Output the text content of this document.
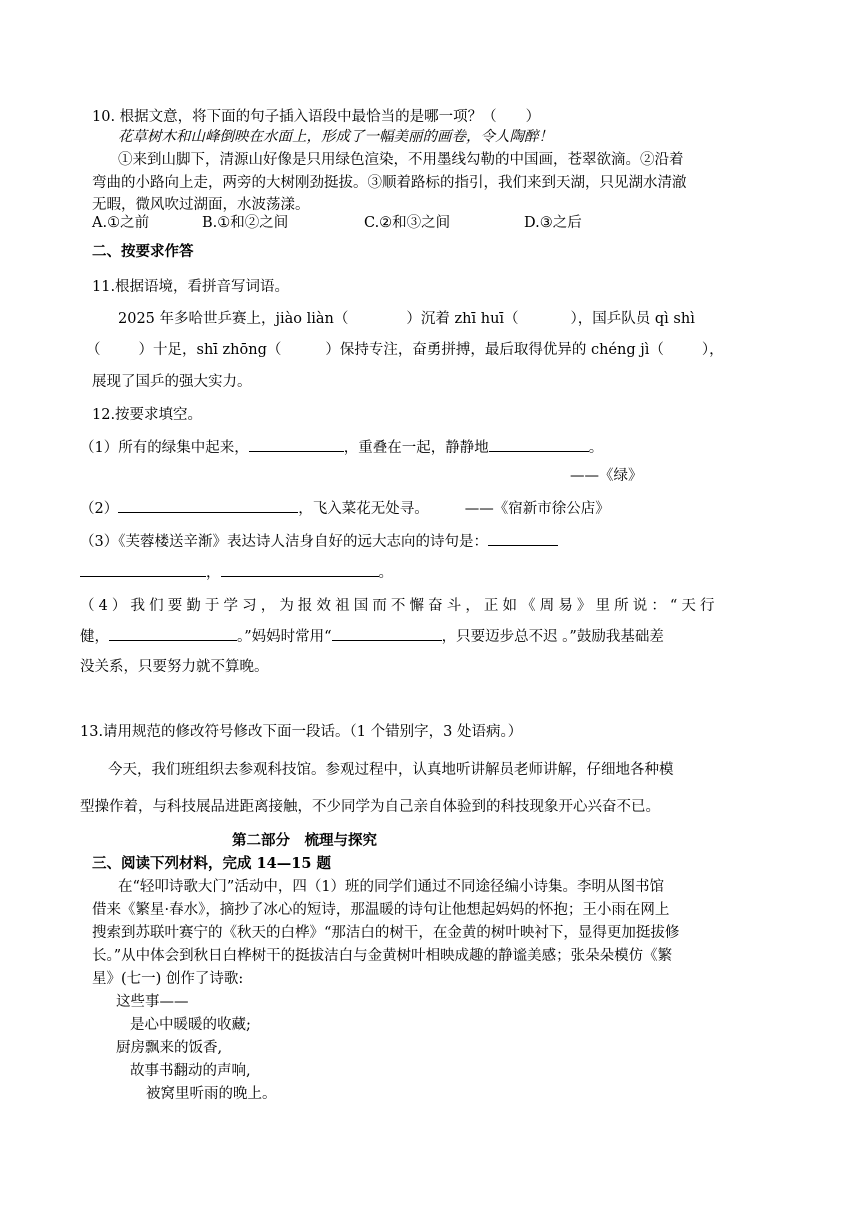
10. 根据文意，将下面的句子插入语段中最恰当的是哪一项？（　　）
花草树木和山峰倒映在水面上，形成了一幅美丽的画卷，令人陶醉！
①来到山脚下，清源山好像是只用绿色渲染，不用墨线勾勒的中国画，苍翠欲滴。②沿着
弯曲的小路向上走，两旁的大树刚劲挺拔。③顺着路标的指引，我们来到天湖，只见湖水清澈
无暇，微风吹过湖面，水波荡漾。
A.①之前	B.①和②之间	C.②和③之间	D.③之后
二、按要求作答
11.根据语境，看拼音写词语。
2025 年多哈世乒赛上，jiào liàn（	）沉着 zhī huī（	），国乒队员 qì shì
（	）十足，shī zhōng（	）保持专注，奋勇拼搏，最后取得优异的 chéng jì（	），
展现了国乒的强大实力。
12.按要求填空。
（1）所有的绿集中起来，	，重叠在一起，静静地	。
——《绿》
（2）	，飞入菜花无处寻。 ——《宿新市徐公店》
（3）《芙蓉楼送辛渐》表达诗人洁身自好的远大志向的诗句是：
，	。
（4）我们要勤于学习，为报效祖国而不懈奋斗，正如《周易》里所说：“天行
健，	。”妈妈时常用“	，只要迈步总不迟 。”鼓励我基础差
没关系，只要努力就不算晚。
13.请用规范的修改符号修改下面一段话。（1 个错别字，3 处语病。）
今天，我们班组织去参观科技馆。参观过程中，认真地听讲解员老师讲解，仔细地各种模
型操作着，与科技展品进距离接触，不少同学为自己亲自体验到的科技现象开心兴奋不已。
第二部分　梳理与探究
三、阅读下列材料，完成 14—15 题
在“轻叩诗歌大门”活动中，四（1）班的同学们通过不同途径编小诗集。李明从图书馆
借来《繁星·春水》，摘抄了冰心的短诗，那温暖的诗句让他想起妈妈的怀抱；王小雨在网上
搜索到苏联叶赛宁的《秋天的白桦》“那洁白的树干，在金黄的树叶映衬下，显得更加挺拔修
长。”从中体会到秋日白桦树干的挺拔洁白与金黄树叶相映成趣的静谧美感；张朵朵模仿《繁
星》(七一) 创作了诗歌:
这些事——
是心中暖暖的收藏;
厨房飘来的饭香,
故事书翻动的声响,
被窝里听雨的晚上。
